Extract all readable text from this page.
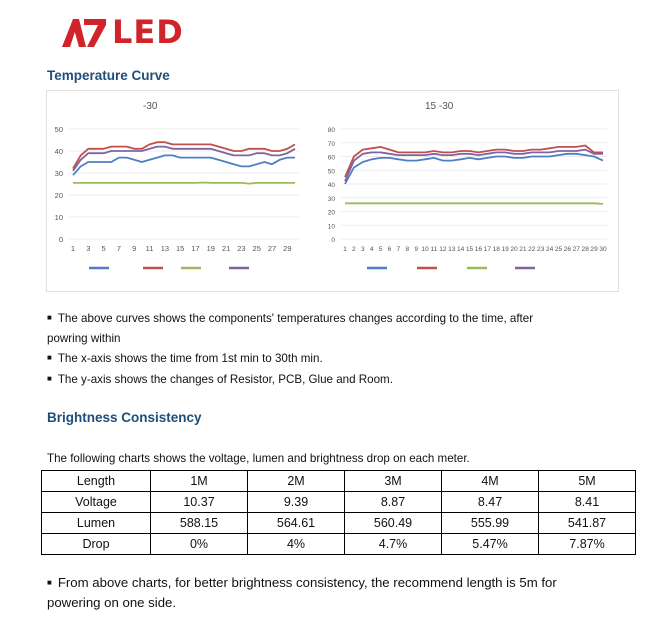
LED
Temperature Curve
-30
0
10
20
30
40
50
1 3 5 7 9 11 13 15 17 19 21 23 25 27 29
15 -30
0
10
20
30
40
50
60
70
80
1 2 3 4 5 6 7 8 9 10 11 12 13 14 15 16 17 18 19 20 21 22 23 24 25 26 27 28 29 30
■ The above curves shows the components' temperatures changes according to the time, after
powring within
■ The x-axis shows the time from 1st min to 30th min.
■ The y-axis shows the changes of Resistor, PCB, Glue and Room.
Brightness Consistency
The following charts shows the voltage, lumen and brightness drop on each meter.
Length	1M	2M	3M	4M	5M
Voltage	10.37	9.39	8.87	8.47	8.41
Lumen	588.15	564.61	560.49	555.99	541.87
Drop	0%	4%	4.7%	5.47%	7.87%
■ From above charts, for better brightness consistency, the recommend length is 5m for
powering on one side.
